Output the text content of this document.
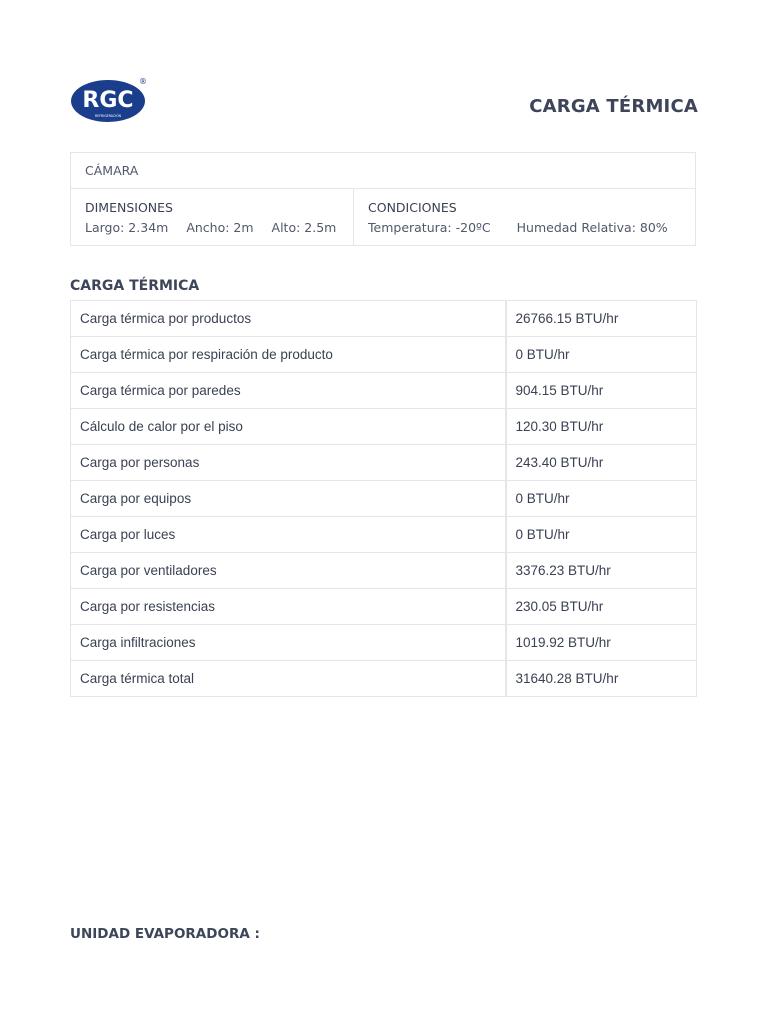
RGC
REFRIGERACIÓN
®
CARGA TÉRMICA
CÁMARA
DIMENSIONES
Largo: 2.34m Ancho: 2m Alto: 2.5m
CONDICIONES
Temperatura: -20ºC Humedad Relativa: 80%
CARGA TÉRMICA
Carga térmica por productos	26766.15 BTU/hr
Carga térmica por respiración de producto	0 BTU/hr
Carga térmica por paredes	904.15 BTU/hr
Cálculo de calor por el piso	120.30 BTU/hr
Carga por personas	243.40 BTU/hr
Carga por equipos	0 BTU/hr
Carga por luces	0 BTU/hr
Carga por ventiladores	3376.23 BTU/hr
Carga por resistencias	230.05 BTU/hr
Carga infiltraciones	1019.92 BTU/hr
Carga térmica total	31640.28 BTU/hr
UNIDAD EVAPORADORA :
